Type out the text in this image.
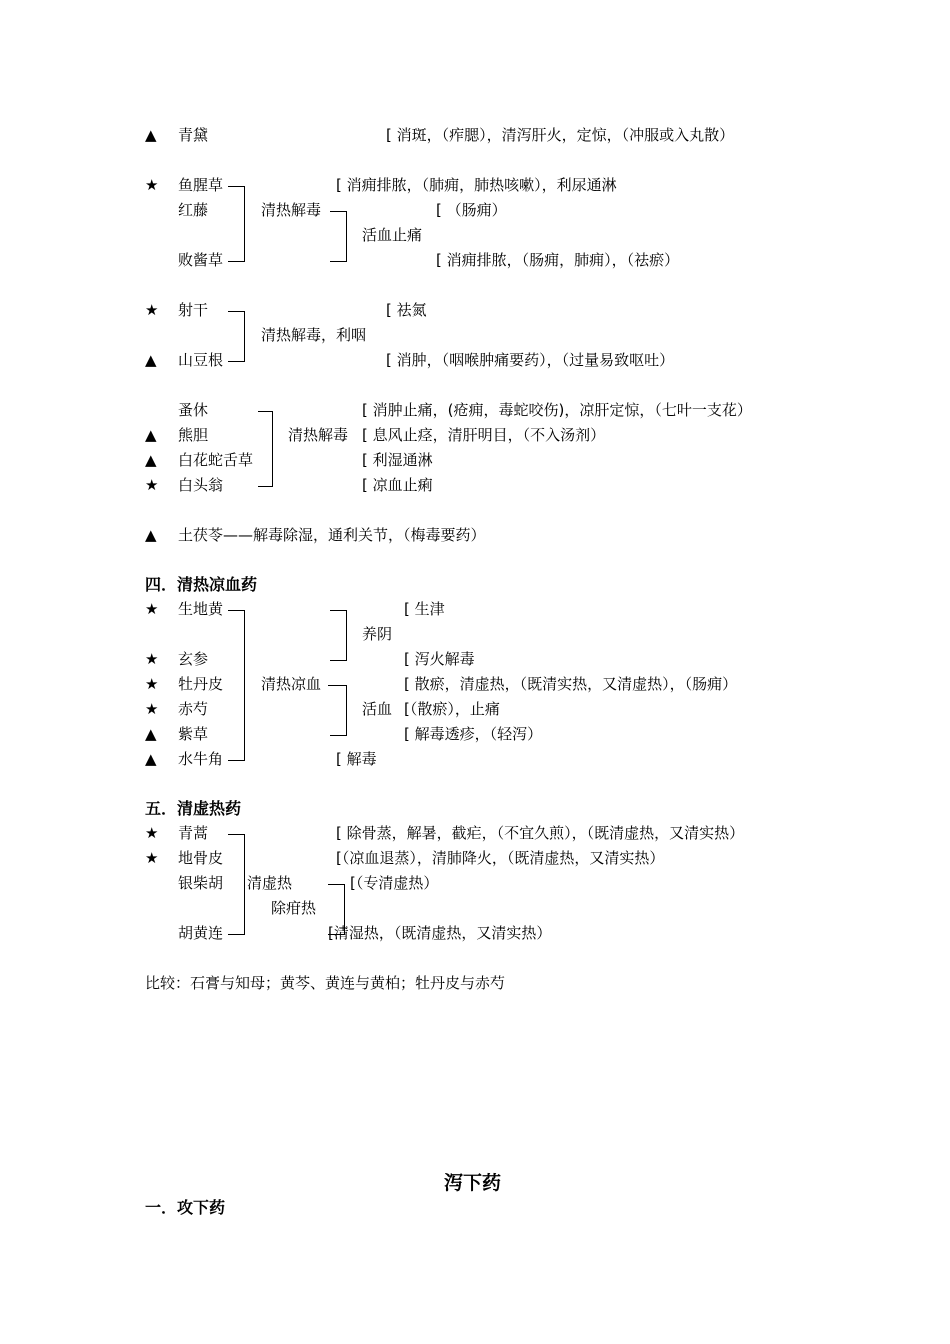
▲ 青黛	[ 消斑，（痄腮），清泻肝火，定惊，（冲服或入丸散）
★ 鱼腥草
红藤
败酱草
清热解毒
[ 消痈排脓，（肺痈，肺热咳嗽），利尿通淋
活血止痛
[ （肠痈）
[ 消痈排脓，（肠痈，肺痈），（祛瘀）
★ 射干
▲ 山豆根
清热解毒，利咽
[ 祛氮
[ 消肿，（咽喉肿痛要药），（过量易致呕吐）
蚤休
▲ 熊胆
▲ 白花蛇舌草
★ 白头翁
清热解毒
[ 消肿止痛，(疮痈，毒蛇咬伤)，凉肝定惊，（七叶一支花）
[ 息风止痉，清肝明目，（不入汤剂）
[ 利湿通淋
[ 凉血止痢
▲ 土茯苓——解毒除湿，通利关节，（梅毒要药）
四．清热凉血药
★ 生地黄
★ 玄参
★ 牡丹皮
★ 赤芍
▲ 紫草
▲ 水牛角
清热凉血
养阴
活血
[ 生津
[ 泻火解毒
[ 散瘀，清虚热，（既清实热，又清虚热），（肠痈）
[（散瘀），止痛
[ 解毒透疹，（轻泻）
[ 解毒
五．清虚热药
★ 青蒿
★ 地骨皮
银柴胡
胡黄连
清虚热
除疳热
[ 除骨蒸，解暑，截疟，（不宜久煎），（既清虚热，又清实热）
[（凉血退蒸），清肺降火，（既清虚热，又清实热）
[（专清虚热）
[清湿热，（既清虚热，又清实热）
比较：石膏与知母；黄芩、黄连与黄柏；牡丹皮与赤芍
泻下药
一．攻下药
